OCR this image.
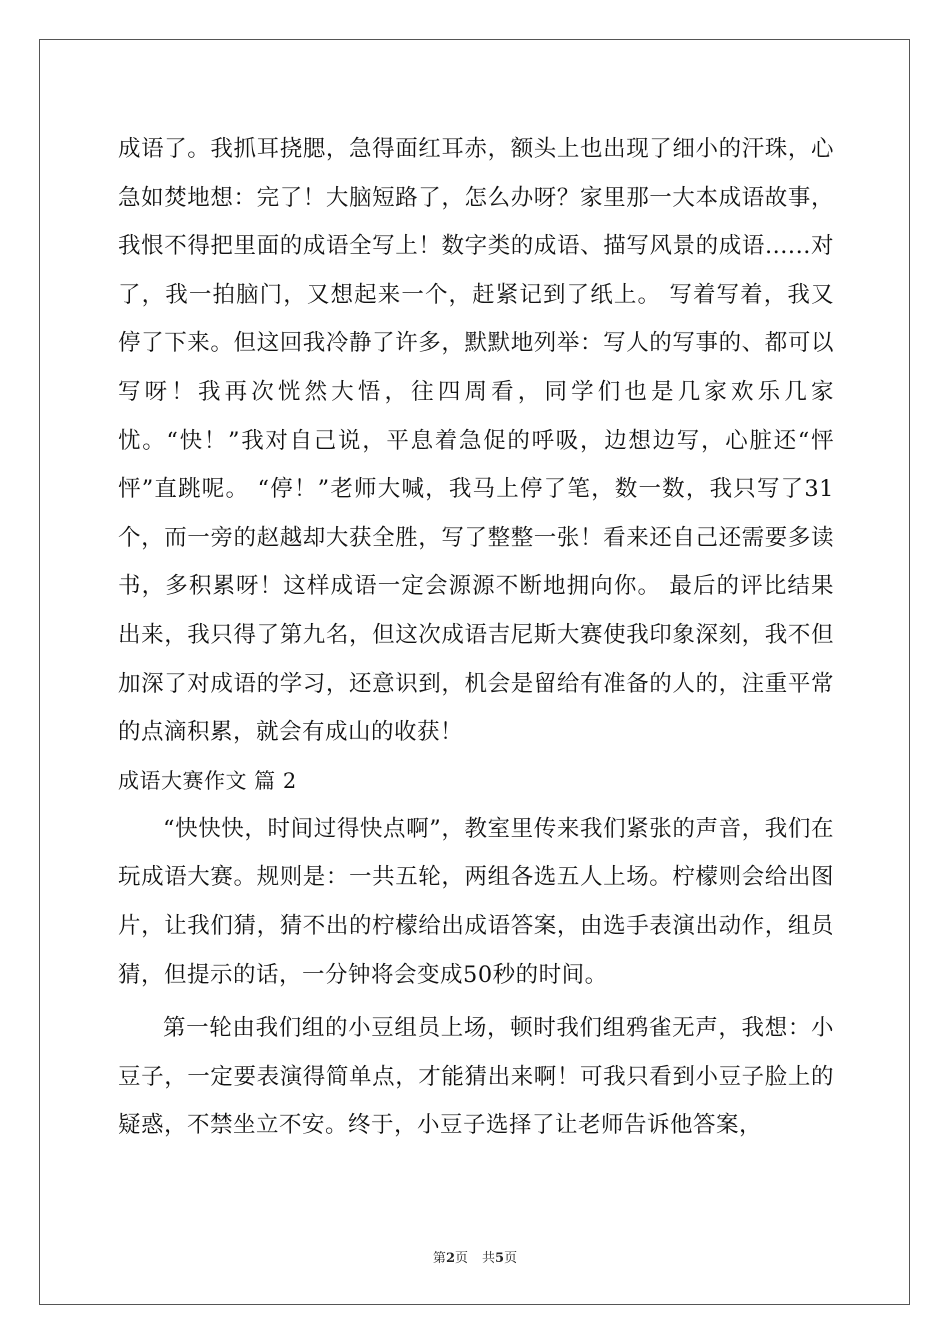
成语了。我抓耳挠腮，急得面红耳赤，额头上也出现了细小的汗珠，心急如焚地想：完了！大脑短路了，怎么办呀？家里那一大本成语故事，我恨不得把里面的成语全写上！数字类的成语、描写风景的成语......对了，我一拍脑门，又想起来一个，赶紧记到了纸上。 写着写着，我又停了下来。但这回我冷静了许多，默默地列举：写人的写事的、都可以写呀！我再次恍然大悟，往四周看，同学们也是几家欢乐几家忧。“快！”我对自己说，平息着急促的呼吸，边想边写，心脏还“怦怦”直跳呢。 “停！”老师大喊，我马上停了笔，数一数，我只写了31个，而一旁的赵越却大获全胜，写了整整一张！看来还自己还需要多读书，多积累呀！这样成语一定会源源不断地拥向你。 最后的评比结果出来，我只得了第九名，但这次成语吉尼斯大赛使我印象深刻，我不但加深了对成语的学习，还意识到，机会是留给有准备的人的，注重平常的点滴积累，就会有成山的收获！

成语大赛作文 篇 2

“快快快，时间过得快点啊”，教室里传来我们紧张的声音，我们在玩成语大赛。规则是：一共五轮，两组各选五人上场。柠檬则会给出图片，让我们猜，猜不出的柠檬给出成语答案，由选手表演出动作，组员猜，但提示的话，一分钟将会变成50秒的时间。

第一轮由我们组的小豆组员上场，顿时我们组鸦雀无声，我想：小豆子，一定要表演得简单点，才能猜出来啊！可我只看到小豆子脸上的疑惑，不禁坐立不安。终于，小豆子选择了让老师告诉他答案，

第2页 共5页
